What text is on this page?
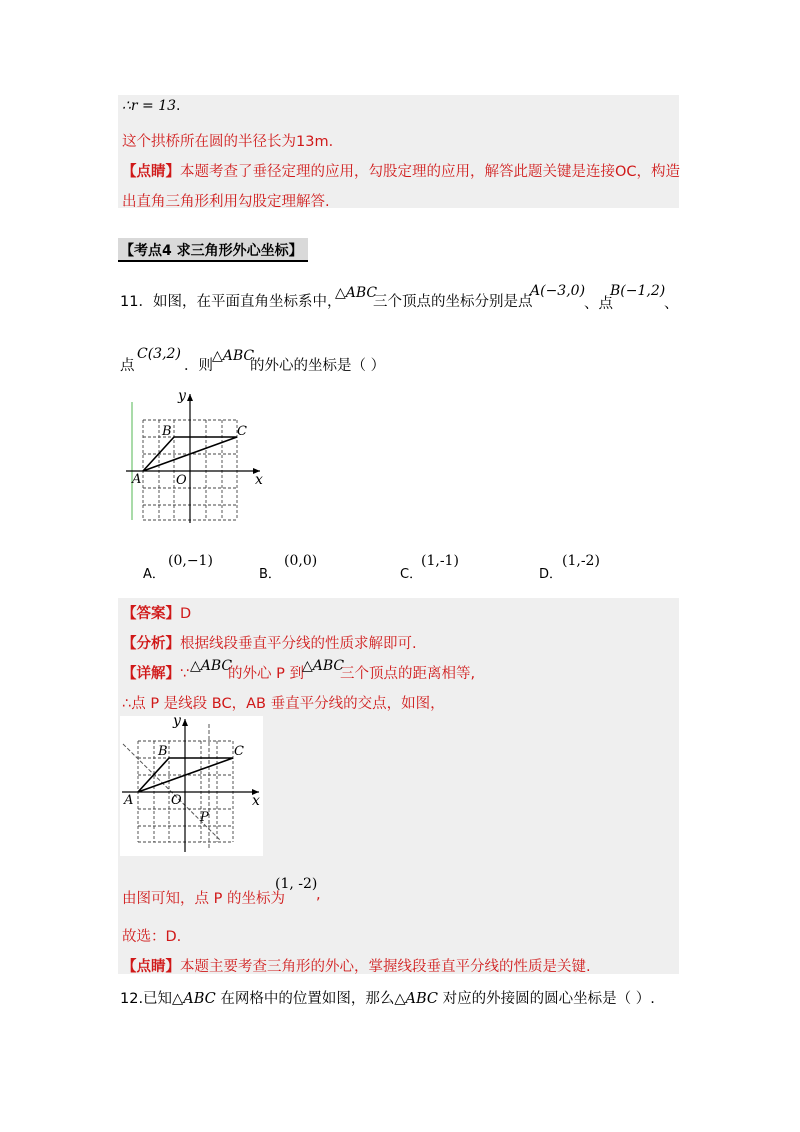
∴r = 13.
这个拱桥所在圆的半径长为13m．
【点睛】本题考查了垂径定理的应用，勾股定理的应用，解答此题关键是连接OC，构造
出直角三角形利用勾股定理解答.
【考点4 求三角形外心坐标】
11．如图，在平面直角坐标系中，
△ABC
三个顶点的坐标分别是点
A(−3,0)
、点
B(−1,2)
、
点
C(3,2)
．则
△ABC
的外心的坐标是（ ）
y
x
A
B	C
O
A．
(0,−1)
B．
(0,0)
C．
(1,-1)
D．
(1,-2)
【答案】D
【分析】根据线段垂直平分线的性质求解即可.
【详解】∵ △ABC
的外心 P 到
△ABC
三个顶点的距离相等,
∴点 P 是线段 BC，AB 垂直平分线的交点，如图，
y
x
A
B	C
O
P
由图可知，点 P 的坐标为
(1, -2)
,
故选：D.
【点睛】本题主要考查三角形的外心，掌握线段垂直平分线的性质是关键.
12.已知△ABC 在网格中的位置如图，那么△ABC 对应的外接圆的圆心坐标是（ ）.
